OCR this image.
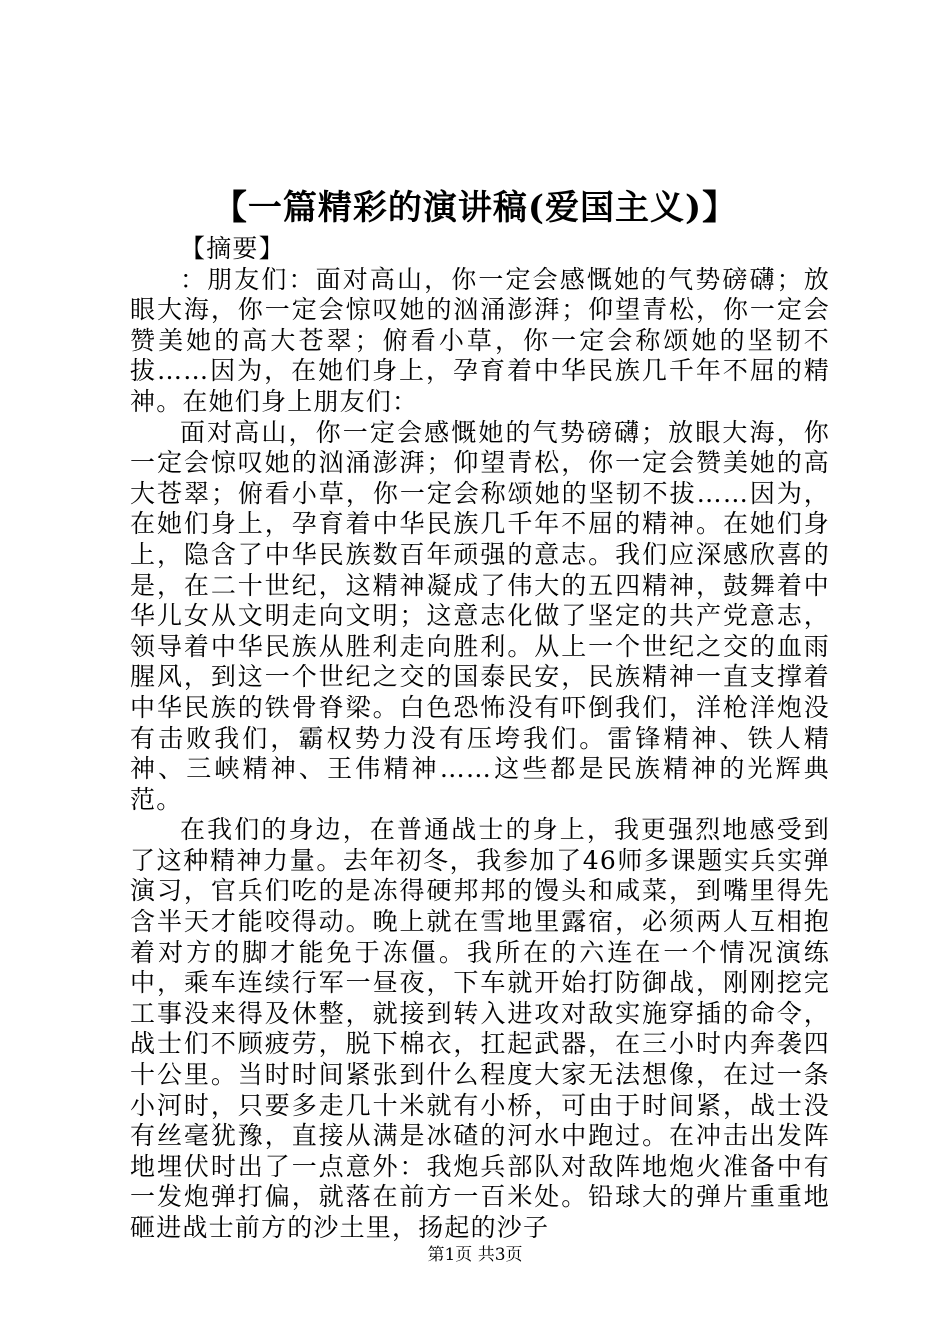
【一篇精彩的演讲稿(爱国主义)】

【摘要】

：朋友们：面对高山，你一定会感慨她的气势磅礴；放眼大海，你一定会惊叹她的汹涌澎湃；仰望青松，你一定会赞美她的高大苍翠；俯看小草，你一定会称颂她的坚韧不拔……因为，在她们身上，孕育着中华民族几千年不屈的精神。在她们身上朋友们：

面对高山，你一定会感慨她的气势磅礴；放眼大海，你一定会惊叹她的汹涌澎湃；仰望青松，你一定会赞美她的高大苍翠；俯看小草，你一定会称颂她的坚韧不拔……因为，在她们身上，孕育着中华民族几千年不屈的精神。在她们身上，隐含了中华民族数百年顽强的意志。我们应深感欣喜的是，在二十世纪，这精神凝成了伟大的五四精神，鼓舞着中华儿女从文明走向文明；这意志化做了坚定的共产党意志，领导着中华民族从胜利走向胜利。从上一个世纪之交的血雨腥风，到这一个世纪之交的国泰民安，民族精神一直支撑着中华民族的铁骨脊梁。白色恐怖没有吓倒我们，洋枪洋炮没有击败我们，霸权势力没有压垮我们。雷锋精神、铁人精神、三峡精神、王伟精神……这些都是民族精神的光辉典范。

在我们的身边，在普通战士的身上，我更强烈地感受到了这种精神力量。去年初冬，我参加了46师多课题实兵实弹演习，官兵们吃的是冻得硬邦邦的馒头和咸菜，到嘴里得先含半天才能咬得动。晚上就在雪地里露宿，必须两人互相抱着对方的脚才能免于冻僵。我所在的六连在一个情况演练中，乘车连续行军一昼夜，下车就开始打防御战，刚刚挖完工事没来得及休整，就接到转入进攻对敌实施穿插的命令，战士们不顾疲劳，脱下棉衣，扛起武器，在三小时内奔袭四十公里。当时时间紧张到什么程度大家无法想像，在过一条小河时，只要多走几十米就有小桥，可由于时间紧，战士没有丝毫犹豫，直接从满是冰碴的河水中跑过。在冲击出发阵地埋伏时出了一点意外：我炮兵部队对敌阵地炮火准备中有一发炮弹打偏，就落在前方一百米处。铅球大的弹片重重地砸进战士前方的沙土里，扬起的沙子

第1页 共3页
